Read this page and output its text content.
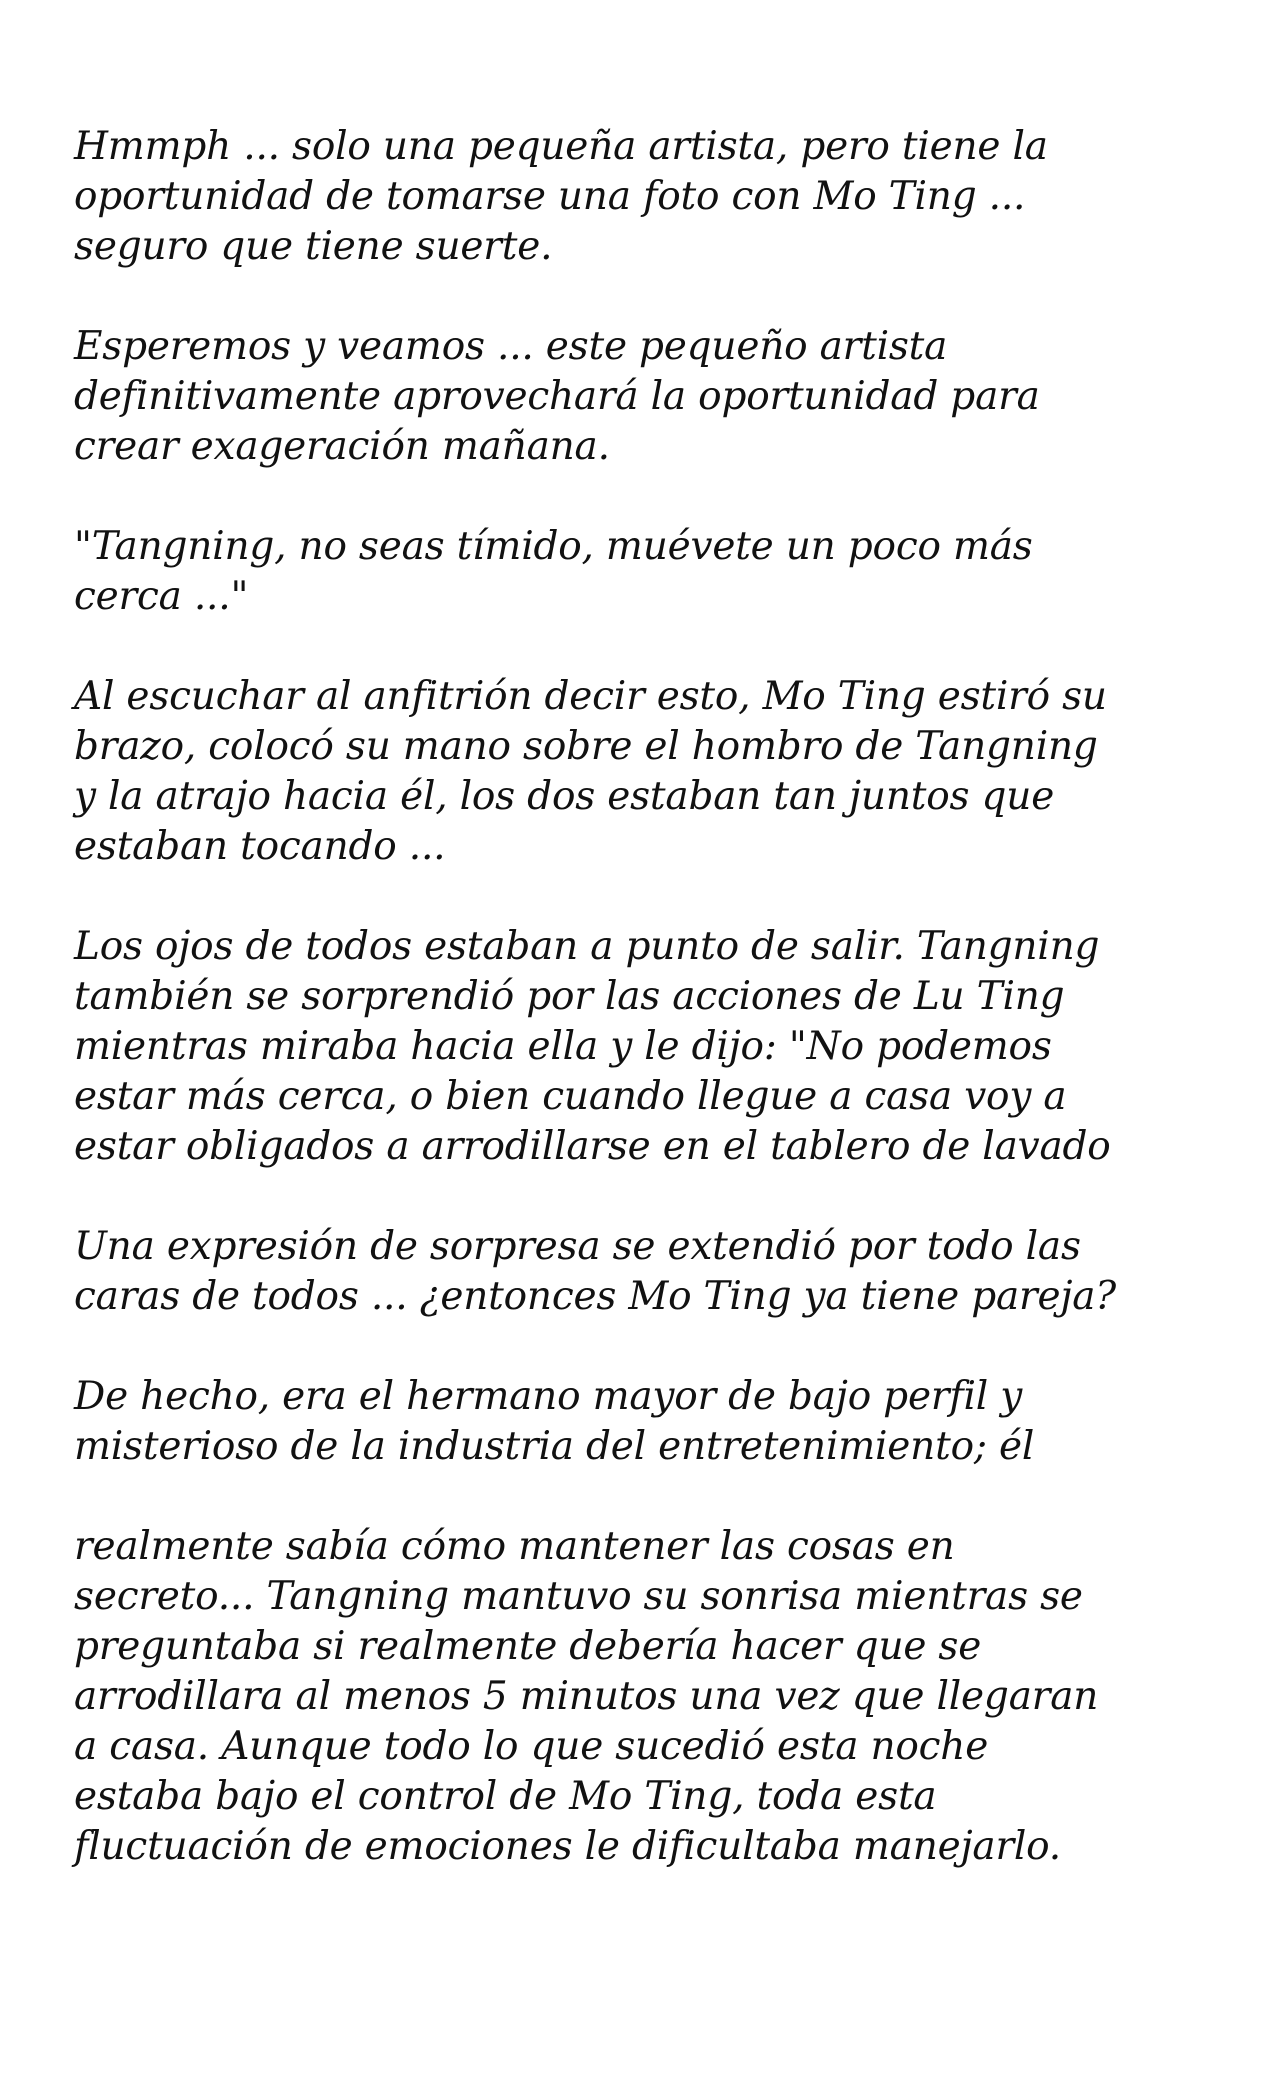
Hmmph ... solo una pequeña artista, pero tiene la
oportunidad de tomarse una foto con Mo Ting ...
seguro que tiene suerte.

Esperemos y veamos ... este pequeño artista
definitivamente aprovechará la oportunidad para
crear exageración mañana.

"Tangning, no seas tímido, muévete un poco más
cerca ..."

Al escuchar al anfitrión decir esto, Mo Ting estiró su
brazo, colocó su mano sobre el hombro de Tangning
y la atrajo hacia él, los dos estaban tan juntos que
estaban tocando ...

Los ojos de todos estaban a punto de salir. Tangning
también se sorprendió por las acciones de Lu Ting
mientras miraba hacia ella y le dijo: "No podemos
estar más cerca, o bien cuando llegue a casa voy a
estar obligados a arrodillarse en el tablero de lavado

Una expresión de sorpresa se extendió por todo las
caras de todos ... ¿entonces Mo Ting ya tiene pareja?

De hecho, era el hermano mayor de bajo perfil y
misterioso de la industria del entretenimiento; él

realmente sabía cómo mantener las cosas en
secreto... Tangning mantuvo su sonrisa mientras se
preguntaba si realmente debería hacer que se
arrodillara al menos 5 minutos una vez que llegaran
a casa. Aunque todo lo que sucedió esta noche
estaba bajo el control de Mo Ting, toda esta
fluctuación de emociones le dificultaba manejarlo.
